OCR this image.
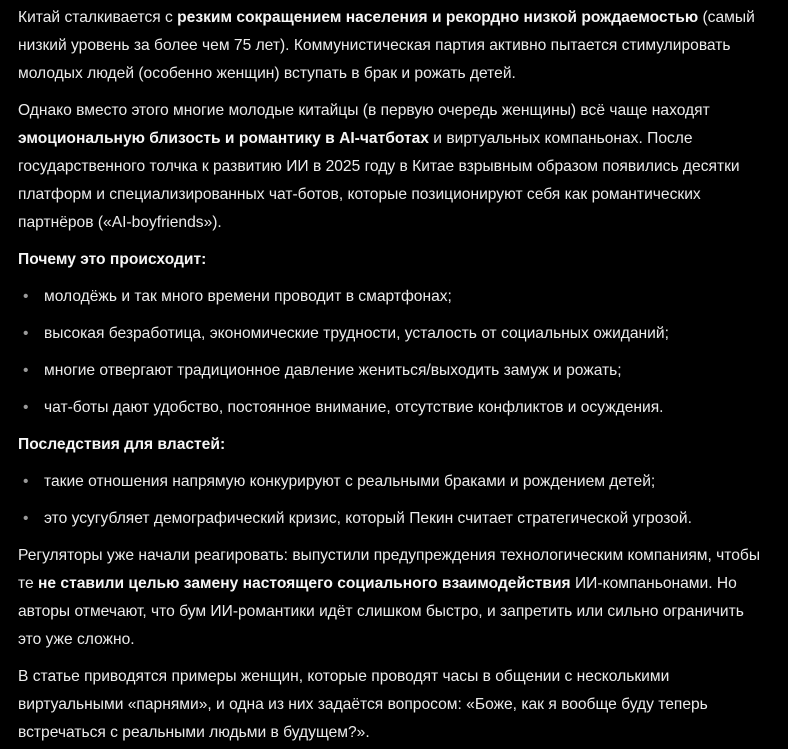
Китай сталкивается с резким сокращением населения и рекордно низкой рождаемостью (самый низкий уровень за более чем 75 лет). Коммунистическая партия активно пытается стимулировать молодых людей (особенно женщин) вступать в брак и рожать детей.

Однако вместо этого многие молодые китайцы (в первую очередь женщины) всё чаще находят эмоциональную близость и романтику в AI-чатботах и виртуальных компаньонах. После государственного толчка к развитию ИИ в 2025 году в Китае взрывным образом появились десятки платформ и специализированных чат-ботов, которые позиционируют себя как романтических партнёров («AI-boyfriends»).

Почему это происходит:
• молодёжь и так много времени проводит в смартфонах;
• высокая безработица, экономические трудности, усталость от социальных ожиданий;
• многие отвергают традиционное давление жениться/выходить замуж и рожать;
• чат-боты дают удобство, постоянное внимание, отсутствие конфликтов и осуждения.
Последствия для властей:
• такие отношения напрямую конкурируют с реальными браками и рождением детей;
• это усугубляет демографический кризис, который Пекин считает стратегической угрозой.

Регуляторы уже начали реагировать: выпустили предупреждения технологическим компаниям, чтобы те не ставили целью замену настоящего социального взаимодействия ИИ-компаньонами. Но авторы отмечают, что бум ИИ-романтики идёт слишком быстро, и запретить или сильно ограничить это уже сложно.

В статье приводятся примеры женщин, которые проводят часы в общении с несколькими виртуальными «парнями», и одна из них задаётся вопросом: «Боже, как я вообще буду теперь встречаться с реальными людьми в будущем?».
